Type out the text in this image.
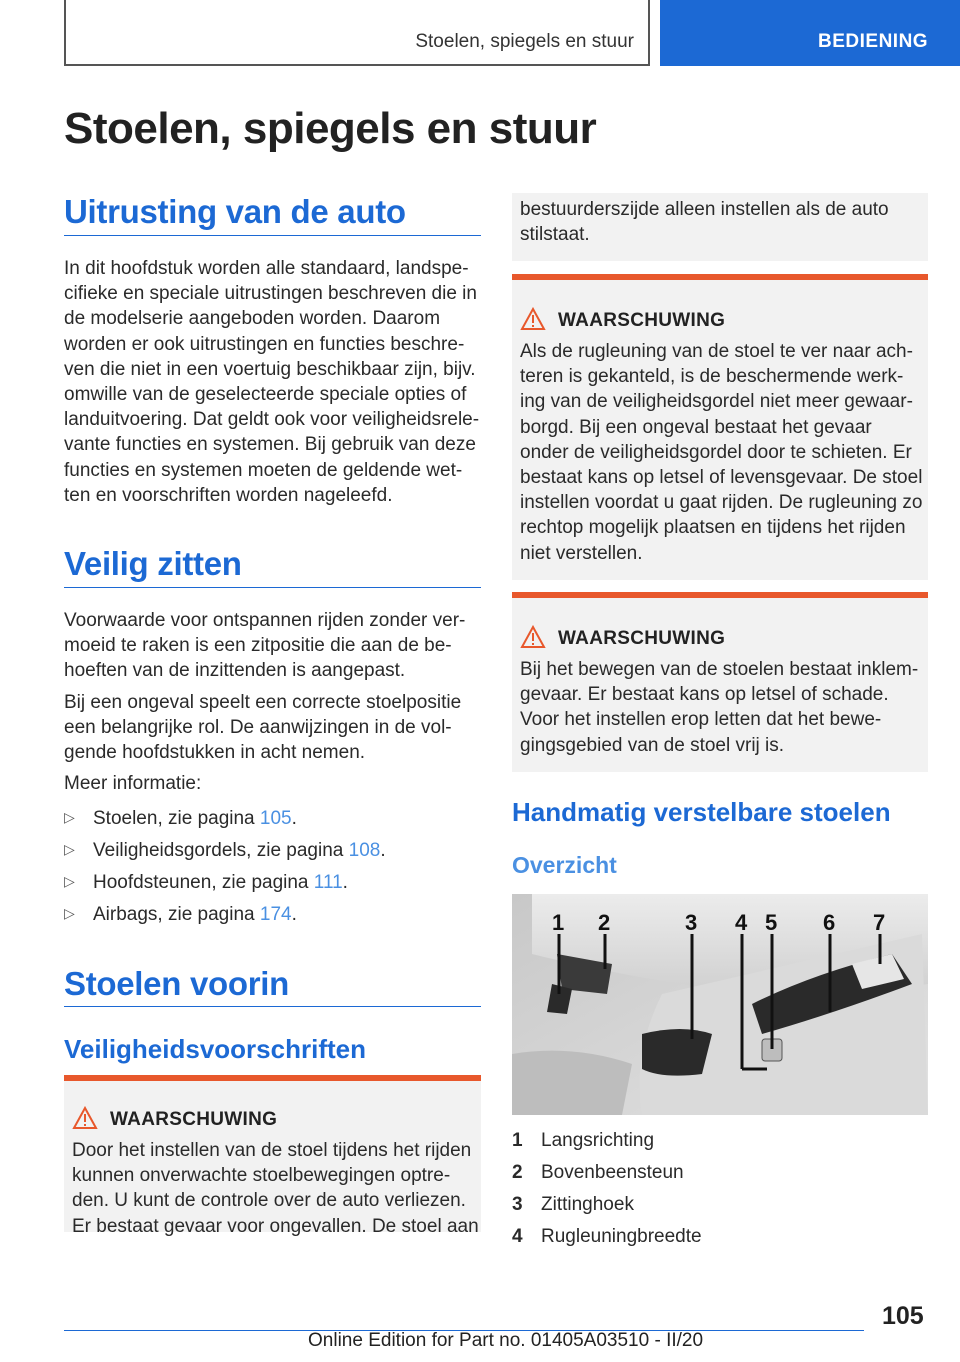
Stoelen, spiegels en stuur	BEDIENING
Stoelen, spiegels en stuur
Uitrusting van de auto
In dit hoofdstuk worden alle standaard, landspe-
cifieke en speciale uitrustingen beschreven die in
de modelserie aangeboden worden. Daarom
worden er ook uitrustingen en functies beschre-
ven die niet in een voertuig beschikbaar zijn, bijv.
omwille van de geselecteerde speciale opties of
landuitvoering. Dat geldt ook voor veiligheidsrele-
vante functies en systemen. Bij gebruik van deze
functies en systemen moeten de geldende wet-
ten en voorschriften worden nageleefd.
Veilig zitten
Voorwaarde voor ontspannen rijden zonder ver-
moeid te raken is een zitpositie die aan de be-
hoeften van de inzittenden is aangepast.
Bij een ongeval speelt een correcte stoelpositie
een belangrijke rol. De aanwijzingen in de vol-
gende hoofdstukken in acht nemen.
Meer informatie:
▷ Stoelen, zie pagina 105.
▷ Veiligheidsgordels, zie pagina 108.
▷ Hoofdsteunen, zie pagina 111.
▷ Airbags, zie pagina 174.
Stoelen voorin
Veiligheidsvoorschriften
WAARSCHUWING
Door het instellen van de stoel tijdens het rijden
kunnen onverwachte stoelbewegingen optre-
den. U kunt de controle over de auto verliezen.
Er bestaat gevaar voor ongevallen. De stoel aan
bestuurderszijde alleen instellen als de auto
stilstaat.
WAARSCHUWING
Als de rugleuning van de stoel te ver naar ach-
teren is gekanteld, is de beschermende werk-
ing van de veiligheidsgordel niet meer gewaar-
borgd. Bij een ongeval bestaat het gevaar
onder de veiligheidsgordel door te schieten. Er
bestaat kans op letsel of levensgevaar. De stoel
instellen voordat u gaat rijden. De rugleuning zo
rechtop mogelijk plaatsen en tijdens het rijden
niet verstellen.
WAARSCHUWING
Bij het bewegen van de stoelen bestaat inklem-
gevaar. Er bestaat kans op letsel of schade.
Voor het instellen erop letten dat het bewe-
gingsgebied van de stoel vrij is.
Handmatig verstelbare stoelen
Overzicht
1 2	3 4 5 6 7
1 Langsrichting
2 Bovenbeensteun
3 Zittinghoek
4 Rugleuningbreedte
105
Online Edition for Part no. 01405A03510 - II/20
